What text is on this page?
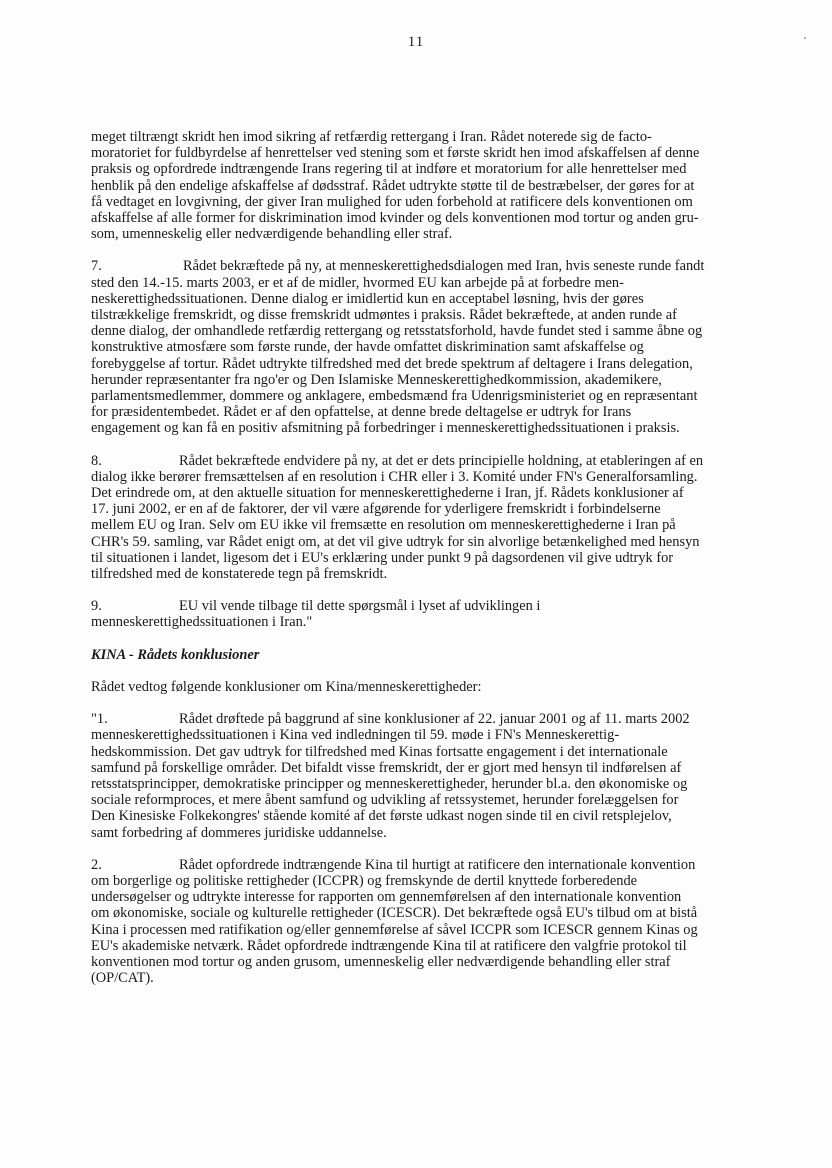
11
meget tiltrængt skridt hen imod sikring af retfærdig rettergang i Iran. Rådet noterede sig de facto-
moratoriet for fuldbyrdelse af henrettelser ved stening som et første skridt hen imod afskaffelsen af denne
praksis og opfordrede indtrængende Irans regering til at indføre et moratorium for alle henrettelser med
henblik på den endelige afskaffelse af dødsstraf. Rådet udtrykte støtte til de bestræbelser, der gøres for at
få vedtaget en lovgivning, der giver Iran mulighed for uden forbehold at ratificere dels konventionen om
afskaffelse af alle former for diskrimination imod kvinder og dels konventionen mod tortur og anden gru-
som, umenneskelig eller nedværdigende behandling eller straf.
7.	Rådet bekræftede på ny, at menneskerettighedsdialogen med Iran, hvis seneste runde fandt
sted den 14.-15. marts 2003, er et af de midler, hvormed EU kan arbejde på at forbedre men-
neskerettighedssituationen. Denne dialog er imidlertid kun en acceptabel løsning, hvis der gøres
tilstrækkelige fremskridt, og disse fremskridt udmøntes i praksis. Rådet bekræftede, at anden runde af
denne dialog, der omhandlede retfærdig rettergang og retsstatsforhold, havde fundet sted i samme åbne og
konstruktive atmosfære som første runde, der havde omfattet diskrimination samt afskaffelse og
forebyggelse af tortur. Rådet udtrykte tilfredshed med det brede spektrum af deltagere i Irans delegation,
herunder repræsentanter fra ngo'er og Den Islamiske Menneskerettighedkommission, akademikere,
parlamentsmedlemmer, dommere og anklagere, embedsmænd fra Udenrigsministeriet og en repræsentant
for præsidentembedet. Rådet er af den opfattelse, at denne brede deltagelse er udtryk for Irans
engagement og kan få en positiv afsmitning på forbedringer i menneskerettighedssituationen i praksis.
8.	Rådet bekræftede endvidere på ny, at det er dets principielle holdning, at etableringen af en
dialog ikke berører fremsættelsen af en resolution i CHR eller i 3. Komité under FN's Generalforsamling.
Det erindrede om, at den aktuelle situation for menneskerettighederne i Iran, jf. Rådets konklusioner af
17. juni 2002, er en af de faktorer, der vil være afgørende for yderligere fremskridt i forbindelserne
mellem EU og Iran. Selv om EU ikke vil fremsætte en resolution om menneskerettighederne i Iran på
CHR's 59. samling, var Rådet enigt om, at det vil give udtryk for sin alvorlige betænkelighed med hensyn
til situationen i landet, ligesom det i EU's erklæring under punkt 9 på dagsordenen vil give udtryk for
tilfredshed med de konstaterede tegn på fremskridt.
9.	EU vil vende tilbage til dette spørgsmål i lyset af udviklingen i
menneskerettighedssituationen i Iran."
KINA - Rådets konklusioner
Rådet vedtog følgende konklusioner om Kina/menneskerettigheder:
"1.	Rådet drøftede på baggrund af sine konklusioner af 22. januar 2001 og af 11. marts 2002
menneskerettighedssituationen i Kina ved indledningen til 59. møde i FN's Menneskerettig-
hedskommission. Det gav udtryk for tilfredshed med Kinas fortsatte engagement i det internationale
samfund på forskellige områder. Det bifaldt visse fremskridt, der er gjort med hensyn til indførelsen af
retsstatsprincipper, demokratiske principper og menneskerettigheder, herunder bl.a. den økonomiske og
sociale reformproces, et mere åbent samfund og udvikling af retssystemet, herunder forelæggelsen for
Den Kinesiske Folkekongres' stående komité af det første udkast nogen sinde til en civil retsplejelov,
samt forbedring af dommeres juridiske uddannelse.
2.	Rådet opfordrede indtrængende Kina til hurtigt at ratificere den internationale konvention
om borgerlige og politiske rettigheder (ICCPR) og fremskynde de dertil knyttede forberedende
undersøgelser og udtrykte interesse for rapporten om gennemførelsen af den internationale konvention
om økonomiske, sociale og kulturelle rettigheder (ICESCR). Det bekræftede også EU's tilbud om at bistå
Kina i processen med ratifikation og/eller gennemførelse af såvel ICCPR som ICESCR gennem Kinas og
EU's akademiske netværk. Rådet opfordrede indtrængende Kina til at ratificere den valgfrie protokol til
konventionen mod tortur og anden grusom, umenneskelig eller nedværdigende behandling eller straf
(OP/CAT).
